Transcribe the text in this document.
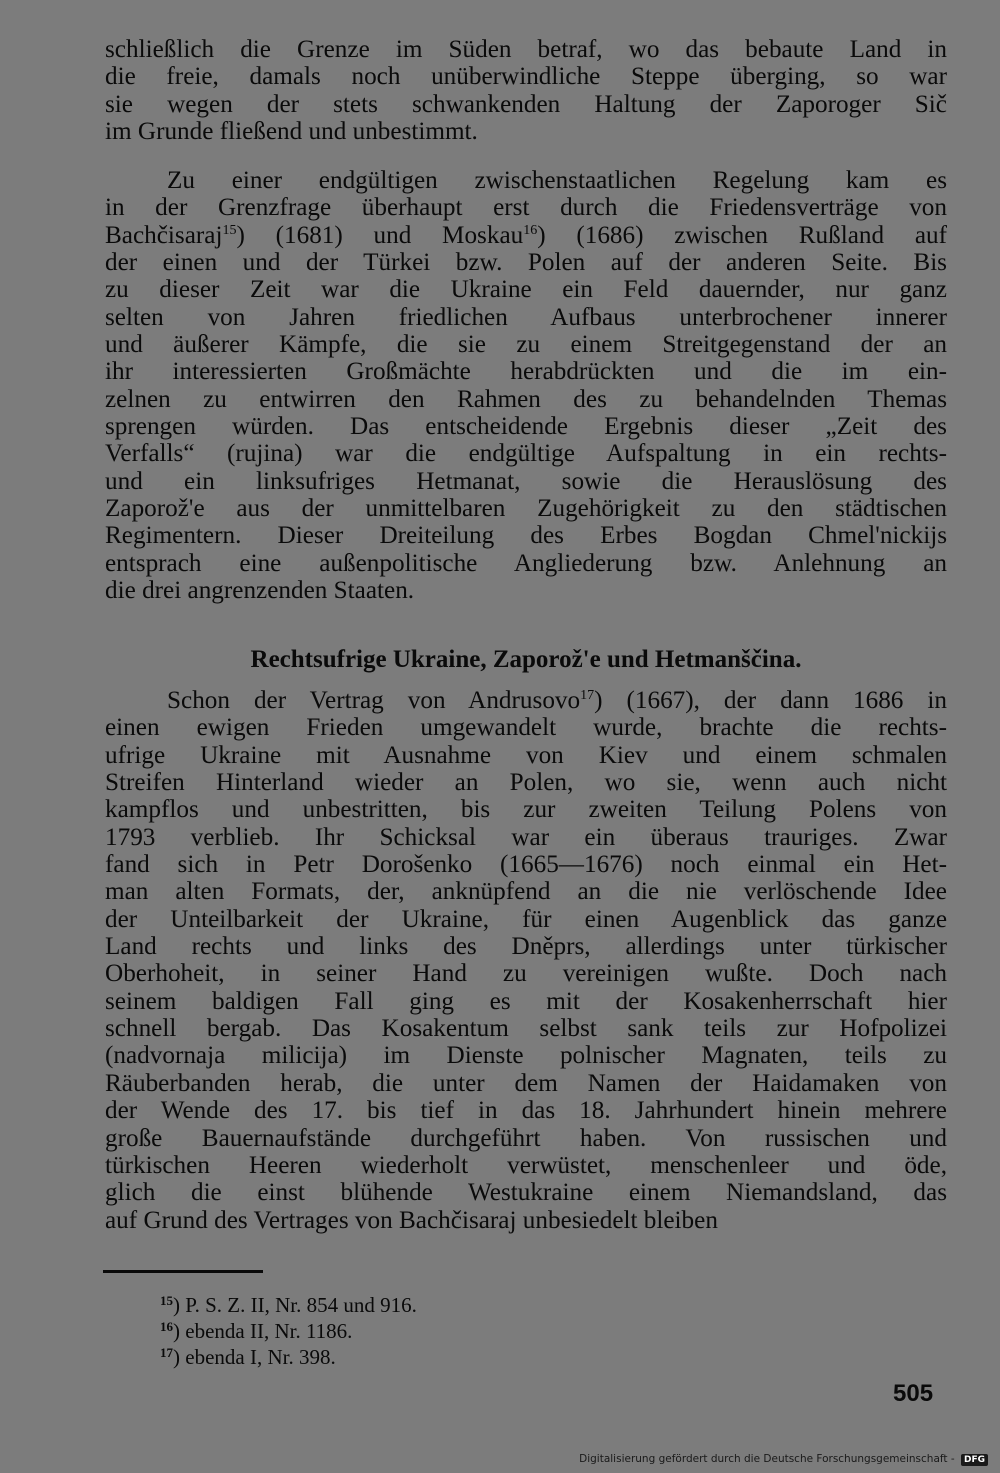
schließlich die Grenze im Süden betraf, wo das bebaute Land in
die freie, damals noch unüberwindliche Steppe überging, so war
sie wegen der stets schwankenden Haltung der Zaporoger Sič
im Grunde fließend und unbestimmt.
Zu einer endgültigen zwischenstaatlichen Regelung kam es
in der Grenzfrage überhaupt erst durch die Friedensverträge von
Bachčisaraj$^{15}$) (1681) und Moskau$^{16}$) (1686) zwischen Rußland auf
der einen und der Türkei bzw. Polen auf der anderen Seite. Bis
zu dieser Zeit war die Ukraine ein Feld dauernder, nur ganz
selten von Jahren friedlichen Aufbaus unterbrochener innerer
und äußerer Kämpfe, die sie zu einem Streitgegenstand der an
ihr interessierten Großmächte herabdrückten und die im ein-
zelnen zu entwirren den Rahmen des zu behandelnden Themas
sprengen würden. Das entscheidende Ergebnis dieser „Zeit des
Verfalls“ (rujina) war die endgültige Aufspaltung in ein rechts-
und ein linksufriges Hetmanat, sowie die Herauslösung des
Zaporož'e aus der unmittelbaren Zugehörigkeit zu den städtischen
Regimentern. Dieser Dreiteilung des Erbes Bogdan Chmel'nickijs
entsprach eine außenpolitische Angliederung bzw. Anlehnung an
die drei angrenzenden Staaten.
Rechtsufrige Ukraine, Zaporož'e und Hetmanščina.
Schon der Vertrag von Andrusovo$^{17}$) (1667), der dann 1686 in
einen ewigen Frieden umgewandelt wurde, brachte die rechts-
ufrige Ukraine mit Ausnahme von Kiev und einem schmalen
Streifen Hinterland wieder an Polen, wo sie, wenn auch nicht
kampflos und unbestritten, bis zur zweiten Teilung Polens von
1793 verblieb. Ihr Schicksal war ein überaus trauriges. Zwar
fand sich in Petr Dorošenko (1665—1676) noch einmal ein Het-
man alten Formats, der, anknüpfend an die nie verlöschende Idee
der Unteilbarkeit der Ukraine, für einen Augenblick das ganze
Land rechts und links des Dněprs, allerdings unter türkischer
Oberhoheit, in seiner Hand zu vereinigen wußte. Doch nach
seinem baldigen Fall ging es mit der Kosakenherrschaft hier
schnell bergab. Das Kosakentum selbst sank teils zur Hofpolizei
(nadvornaja milicija) im Dienste polnischer Magnaten, teils zu
Räuberbanden herab, die unter dem Namen der Haidamaken von
der Wende des 17. bis tief in das 18. Jahrhundert hinein mehrere
große Bauernaufstände durchgeführt haben. Von russischen und
türkischen Heeren wiederholt verwüstet, menschenleer und öde,
glich die einst blühende Westukraine einem Niemandsland, das
auf Grund des Vertrages von Bachčisaraj unbesiedelt bleiben
$^{15}$) P. S. Z. II, Nr. 854 und 916.
$^{16}$) ebenda II, Nr. 1186.
$^{17}$) ebenda I, Nr. 398.
505
Digitalisierung gefördert durch die Deutsche Forschungsgemeinschaft - DFG
